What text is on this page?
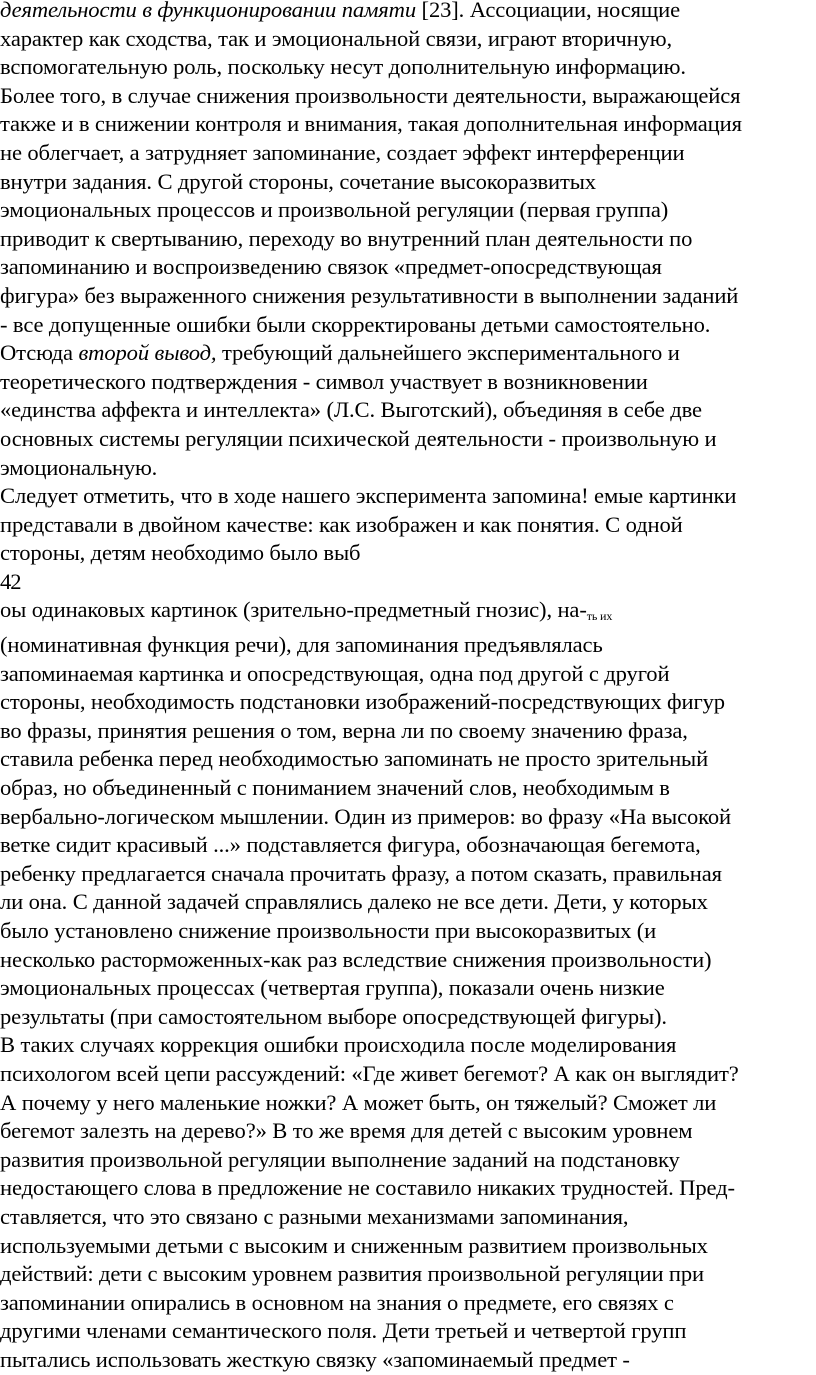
деятельности в функционировании памяти [23]. Ассоциации, носящие
характер как сходства, так и эмоциональной связи, играют вторичную,
вспомогательную роль, поскольку несут дополнительную информацию.
Более того, в случае снижения произвольности деятельности, выражающейся
также и в снижении контроля и внимания, такая дополнительная информация
не облегчает, а затрудняет запоминание, создает эффект интерференции
внутри задания. С другой стороны, сочетание высокоразвитых
эмоциональных процессов и произвольной регуляции (первая группа)
приводит к свертыванию, переходу во внутренний план деятельности по
запоминанию и воспроизведению связок «предмет-опосредствующая
фигура» без выраженного снижения результативности в выполнении заданий
- все допущенные ошибки были скорректированы детьми самостоятельно.
Отсюда второй вывод, требующий дальнейшего экспериментального и
теоретического подтверждения - символ участвует в возникновении
«единства аффекта и интеллекта» (Л.С. Выготский), объединяя в себе две
основных системы регуляции психической деятельности - произвольную и
эмоциональную.
Следует отметить, что в ходе нашего эксперимента запомина! емые картинки
представали в двойном качестве: как изображен и как понятия. С одной
стороны, детям необходимо было выб
42
оы одинаковых картинок (зрительно-предметный гнозис), на-ть их
(номинативная функция речи), для запоминания предъявлялась
запоминаемая картинка и опосредствующая, одна под другой с другой
стороны, необходимость подстановки изображений-посредствующих фигур
во фразы, принятия решения о том, верна ли по своему значению фраза,
ставила ребенка перед необходимостью запоминать не просто зрительный
образ, но объединенный с пониманием значений слов, необходимым в
вербально-логическом мышлении. Один из примеров: во фразу «На высокой
ветке сидит красивый ...» подставляется фигура, обозначающая бегемота,
ребенку предлагается сначала прочитать фразу, а потом сказать, правильная
ли она. С данной задачей справлялись далеко не все дети. Дети, у которых
было установлено снижение произвольности при высокоразвитых (и
несколько расторможенных-как раз вследствие снижения произвольности)
эмоциональных процессах (четвертая группа), показали очень низкие
результаты (при самостоятельном выборе опосредствующей фигуры).
В таких случаях коррекция ошибки происходила после моделирования
психологом всей цепи рассуждений: «Где живет бегемот? А как он выглядит?
А почему у него маленькие ножки? А может быть, он тяжелый? Сможет ли
бегемот залезть на дерево?» В то же время для детей с высоким уровнем
развития произвольной регуляции выполнение заданий на подстановку
недостающего слова в предложение не составило никаких трудностей. Пред-
ставляется, что это связано с разными механизмами запоминания,
используемыми детьми с высоким и сниженным развитием произвольных
действий: дети с высоким уровнем развития произвольной регуляции при
запоминании опирались в основном на знания о предмете, его связях с
другими членами семантического поля. Дети третьей и четвертой групп
пытались использовать жесткую связку «запоминаемый предмет -
